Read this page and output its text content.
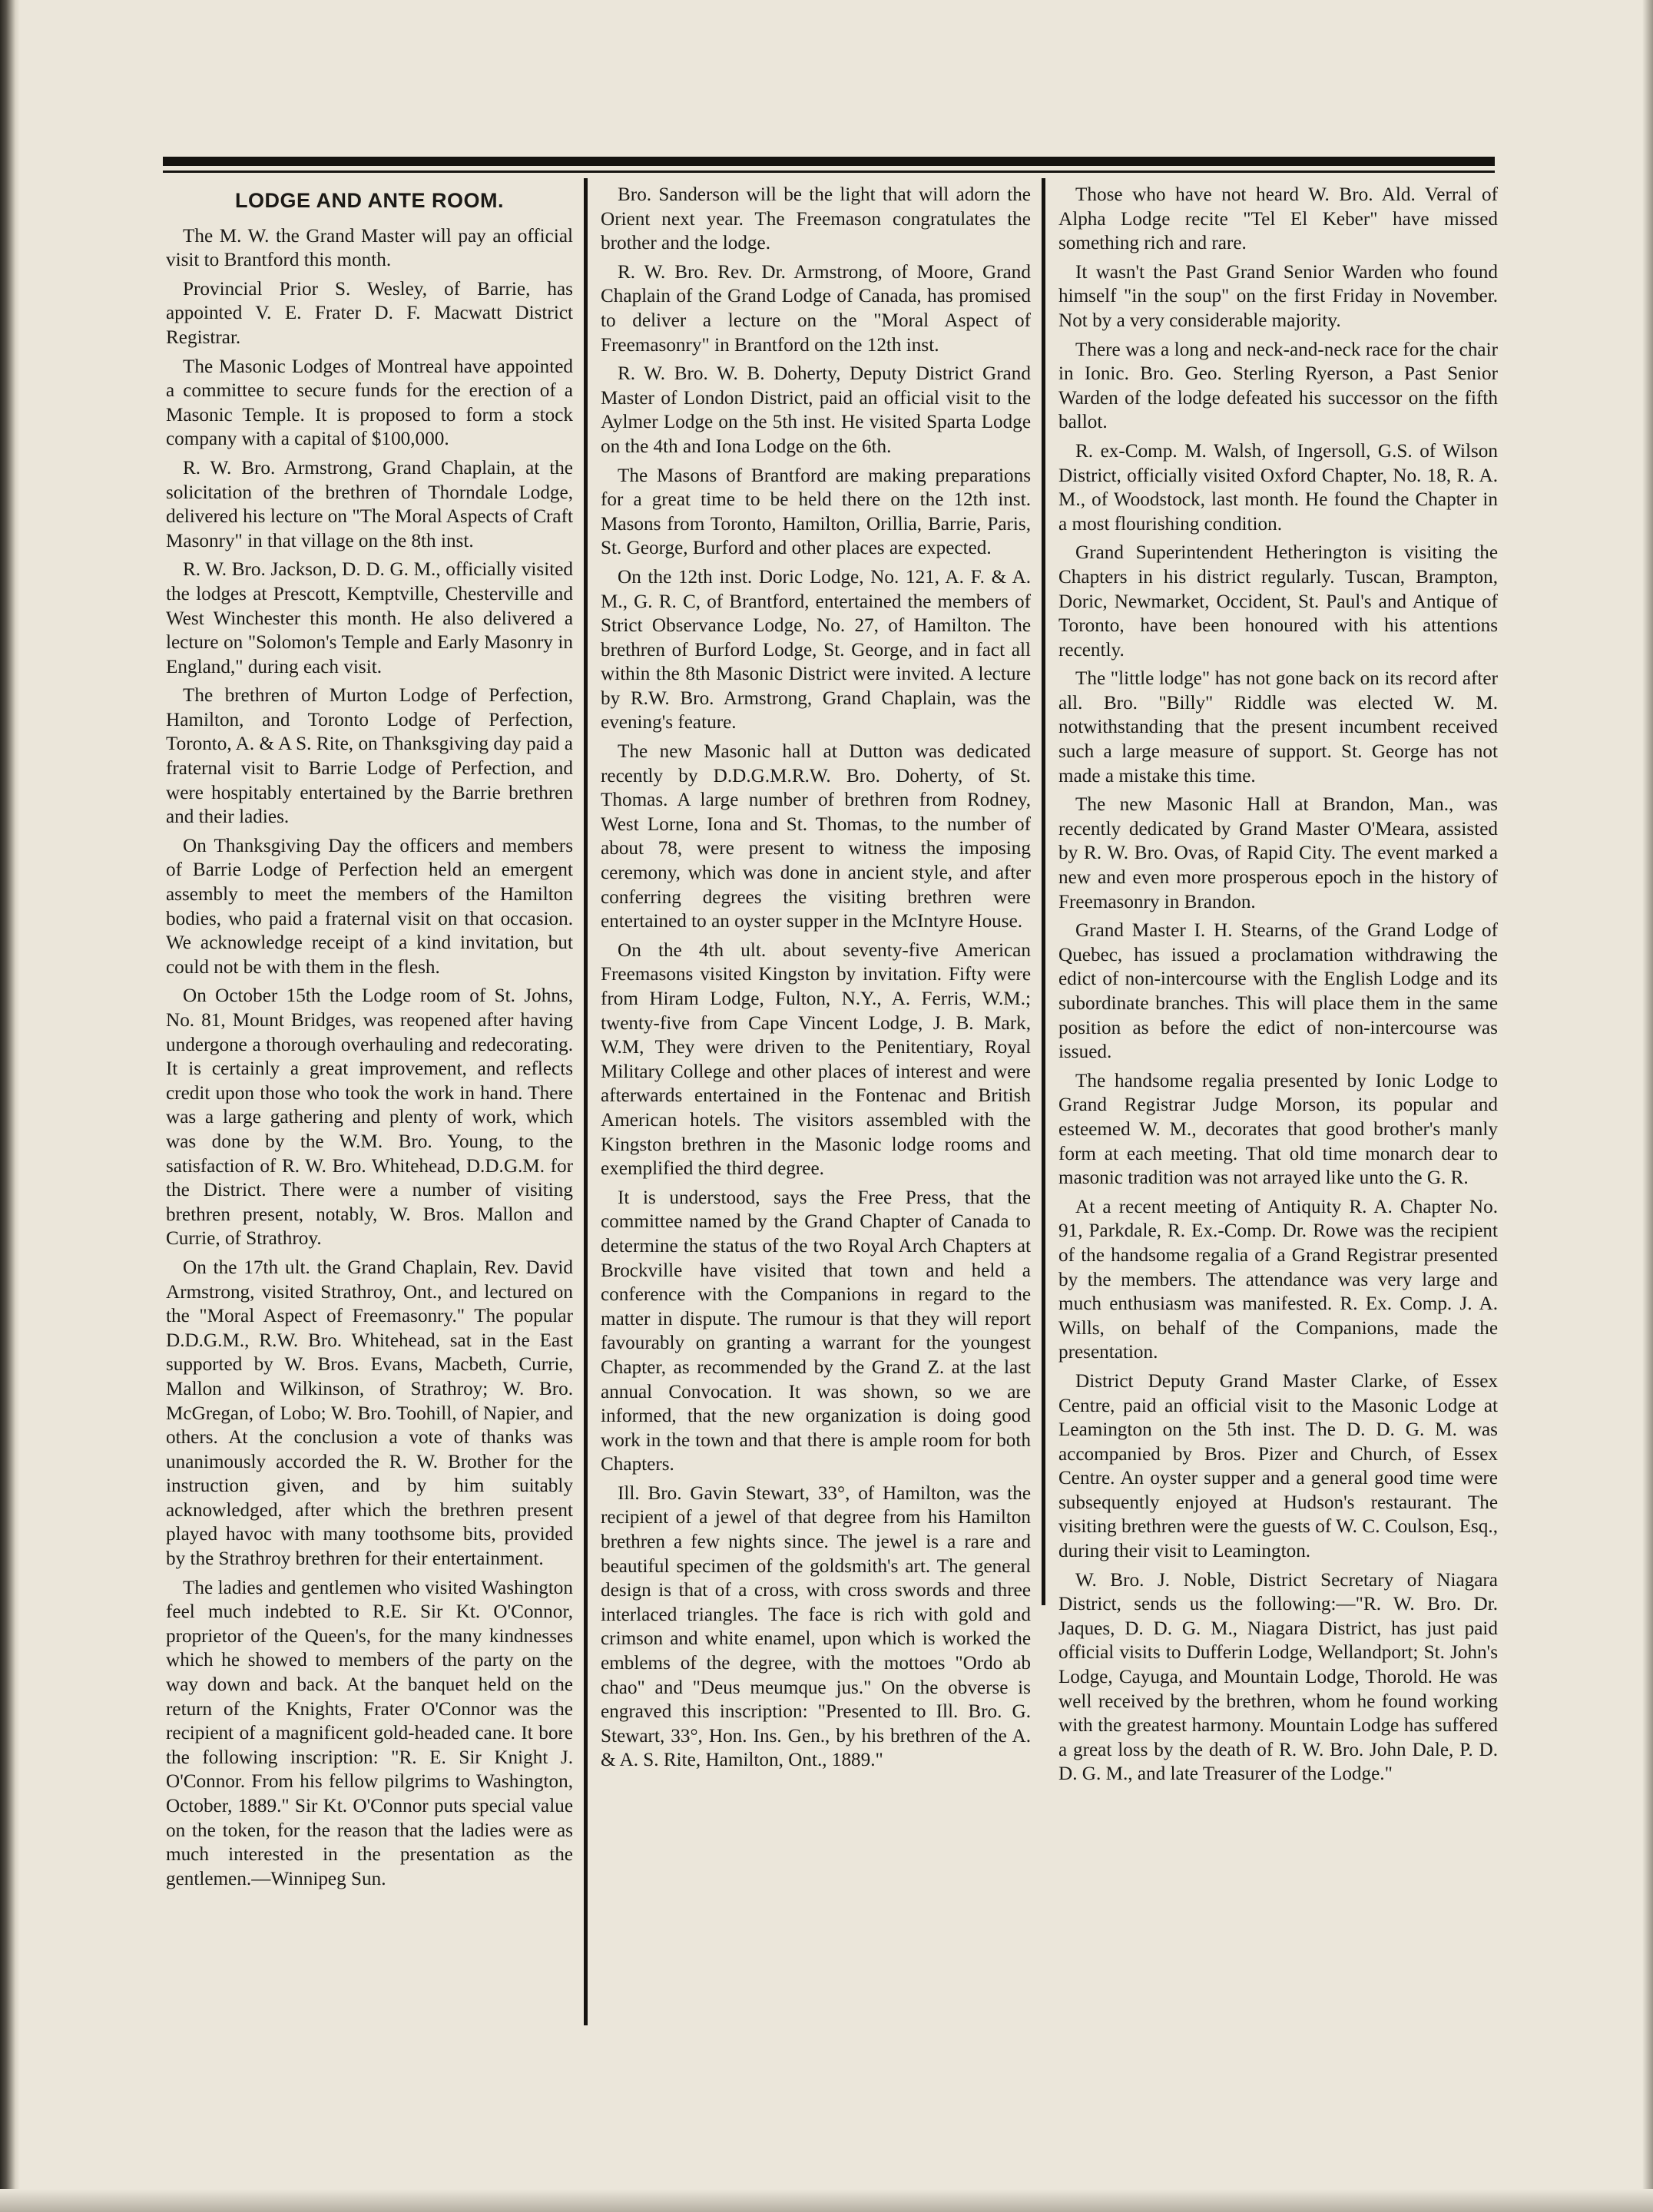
LODGE AND ANTE ROOM.

The M. W. the Grand Master will pay an official visit to Brantford this month.

Provincial Prior S. Wesley, of Barrie, has appointed V. E. Frater D. F. Macwatt District Registrar.

The Masonic Lodges of Montreal have appointed a committee to secure funds for the erection of a Masonic Temple. It is proposed to form a stock company with a capital of $100,000.

R. W. Bro. Armstrong, Grand Chaplain, at the solicitation of the brethren of Thorndale Lodge, delivered his lecture on "The Moral Aspects of Craft Masonry" in that village on the 8th inst.

R. W. Bro. Jackson, D. D. G. M., officially visited the lodges at Prescott, Kemptville, Chesterville and West Winchester this month. He also delivered a lecture on "Solomon's Temple and Early Masonry in England," during each visit.

The brethren of Murton Lodge of Perfection, Hamilton, and Toronto Lodge of Perfection, Toronto, A. & A S. Rite, on Thanksgiving day paid a fraternal visit to Barrie Lodge of Perfection, and were hospitably entertained by the Barrie brethren and their ladies.

On Thanksgiving Day the officers and members of Barrie Lodge of Perfection held an emergent assembly to meet the members of the Hamilton bodies, who paid a fraternal visit on that occasion. We acknowledge receipt of a kind invitation, but could not be with them in the flesh.

On October 15th the Lodge room of St. Johns, No. 81, Mount Bridges, was reopened after having undergone a thorough overhauling and redecorating. It is certainly a great improvement, and reflects credit upon those who took the work in hand. There was a large gathering and plenty of work, which was done by the W.M. Bro. Young, to the satisfaction of R. W. Bro. Whitehead, D.D.G.M. for the District. There were a number of visiting brethren present, notably, W. Bros. Mallon and Currie, of Strathroy.

On the 17th ult. the Grand Chaplain, Rev. David Armstrong, visited Strathroy, Ont., and lectured on the "Moral Aspect of Freemasonry." The popular D.D.G.M., R.W. Bro. Whitehead, sat in the East supported by W. Bros. Evans, Macbeth, Currie, Mallon and Wilkinson, of Strathroy; W. Bro. McGregan, of Lobo; W. Bro. Toohill, of Napier, and others. At the conclusion a vote of thanks was unanimously accorded the R. W. Brother for the instruction given, and by him suitably acknowledged, after which the brethren present played havoc with many toothsome bits, provided by the Strathroy brethren for their entertainment.

The ladies and gentlemen who visited Washington feel much indebted to R.E. Sir Kt. O'Connor, proprietor of the Queen's, for the many kindnesses which he showed to members of the party on the way down and back. At the banquet held on the return of the Knights, Frater O'Connor was the recipient of a magnificent gold-headed cane. It bore the following inscription: "R. E. Sir Knight J. O'Connor. From his fellow pilgrims to Washington, October, 1889." Sir Kt. O'Connor puts special value on the token, for the reason that the ladies were as much interested in the presentation as the gentlemen.—Winnipeg Sun.

Bro. Sanderson will be the light that will adorn the Orient next year. The Freemason congratulates the brother and the lodge.

R. W. Bro. Rev. Dr. Armstrong, of Moore, Grand Chaplain of the Grand Lodge of Canada, has promised to deliver a lecture on the "Moral Aspect of Freemasonry" in Brantford on the 12th inst.

R. W. Bro. W. B. Doherty, Deputy District Grand Master of London District, paid an official visit to the Aylmer Lodge on the 5th inst. He visited Sparta Lodge on the 4th and Iona Lodge on the 6th.

The Masons of Brantford are making preparations for a great time to be held there on the 12th inst. Masons from Toronto, Hamilton, Orillia, Barrie, Paris, St. George, Burford and other places are expected.

On the 12th inst. Doric Lodge, No. 121, A. F. & A. M., G. R. C, of Brantford, entertained the members of Strict Observance Lodge, No. 27, of Hamilton. The brethren of Burford Lodge, St. George, and in fact all within the 8th Masonic District were invited. A lecture by R.W. Bro. Armstrong, Grand Chaplain, was the evening's feature.

The new Masonic hall at Dutton was dedicated recently by D.D.G.M.R.W. Bro. Doherty, of St. Thomas. A large number of brethren from Rodney, West Lorne, Iona and St. Thomas, to the number of about 78, were present to witness the imposing ceremony, which was done in ancient style, and after conferring degrees the visiting brethren were entertained to an oyster supper in the McIntyre House.

On the 4th ult. about seventy-five American Freemasons visited Kingston by invitation. Fifty were from Hiram Lodge, Fulton, N.Y., A. Ferris, W.M.; twenty-five from Cape Vincent Lodge, J. B. Mark, W.M, They were driven to the Penitentiary, Royal Military College and other places of interest and were afterwards entertained in the Fontenac and British American hotels. The visitors assembled with the Kingston brethren in the Masonic lodge rooms and exemplified the third degree.

It is understood, says the Free Press, that the committee named by the Grand Chapter of Canada to determine the status of the two Royal Arch Chapters at Brockville have visited that town and held a conference with the Companions in regard to the matter in dispute. The rumour is that they will report favourably on granting a warrant for the youngest Chapter, as recommended by the Grand Z. at the last annual Convocation. It was shown, so we are informed, that the new organization is doing good work in the town and that there is ample room for both Chapters.

Ill. Bro. Gavin Stewart, 33°, of Hamilton, was the recipient of a jewel of that degree from his Hamilton brethren a few nights since. The jewel is a rare and beautiful specimen of the goldsmith's art. The general design is that of a cross, with cross swords and three interlaced triangles. The face is rich with gold and crimson and white enamel, upon which is worked the emblems of the degree, with the mottoes "Ordo ab chao" and "Deus meumque jus." On the obverse is engraved this inscription: "Presented to Ill. Bro. G. Stewart, 33°, Hon. Ins. Gen., by his brethren of the A. & A. S. Rite, Hamilton, Ont., 1889."

Those who have not heard W. Bro. Ald. Verral of Alpha Lodge recite "Tel El Keber" have missed something rich and rare.

It wasn't the Past Grand Senior Warden who found himself "in the soup" on the first Friday in November. Not by a very considerable majority.

There was a long and neck-and-neck race for the chair in Ionic. Bro. Geo. Sterling Ryerson, a Past Senior Warden of the lodge defeated his successor on the fifth ballot.

R. ex-Comp. M. Walsh, of Ingersoll, G.S. of Wilson District, officially visited Oxford Chapter, No. 18, R. A. M., of Woodstock, last month. He found the Chapter in a most flourishing condition.

Grand Superintendent Hetherington is visiting the Chapters in his district regularly. Tuscan, Brampton, Doric, Newmarket, Occident, St. Paul's and Antique of Toronto, have been honoured with his attentions recently.

The "little lodge" has not gone back on its record after all. Bro. "Billy" Riddle was elected W. M. notwithstanding that the present incumbent received such a large measure of support. St. George has not made a mistake this time.

The new Masonic Hall at Brandon, Man., was recently dedicated by Grand Master O'Meara, assisted by R. W. Bro. Ovas, of Rapid City. The event marked a new and even more prosperous epoch in the history of Freemasonry in Brandon.

Grand Master I. H. Stearns, of the Grand Lodge of Quebec, has issued a proclamation withdrawing the edict of non-intercourse with the English Lodge and its subordinate branches. This will place them in the same position as before the edict of non-intercourse was issued.

The handsome regalia presented by Ionic Lodge to Grand Registrar Judge Morson, its popular and esteemed W. M., decorates that good brother's manly form at each meeting. That old time monarch dear to masonic tradition was not arrayed like unto the G. R.

At a recent meeting of Antiquity R. A. Chapter No. 91, Parkdale, R. Ex.-Comp. Dr. Rowe was the recipient of the handsome regalia of a Grand Registrar presented by the members. The attendance was very large and much enthusiasm was manifested. R. Ex. Comp. J. A. Wills, on behalf of the Companions, made the presentation.

District Deputy Grand Master Clarke, of Essex Centre, paid an official visit to the Masonic Lodge at Leamington on the 5th inst. The D. D. G. M. was accompanied by Bros. Pizer and Church, of Essex Centre. An oyster supper and a general good time were subsequently enjoyed at Hudson's restaurant. The visiting brethren were the guests of W. C. Coulson, Esq., during their visit to Leamington.

W. Bro. J. Noble, District Secretary of Niagara District, sends us the following:—"R. W. Bro. Dr. Jaques, D. D. G. M., Niagara District, has just paid official visits to Dufferin Lodge, Wellandport; St. John's Lodge, Cayuga, and Mountain Lodge, Thorold. He was well received by the brethren, whom he found working with the greatest harmony. Mountain Lodge has suffered a great loss by the death of R. W. Bro. John Dale, P. D. D. G. M., and late Treasurer of the Lodge."
